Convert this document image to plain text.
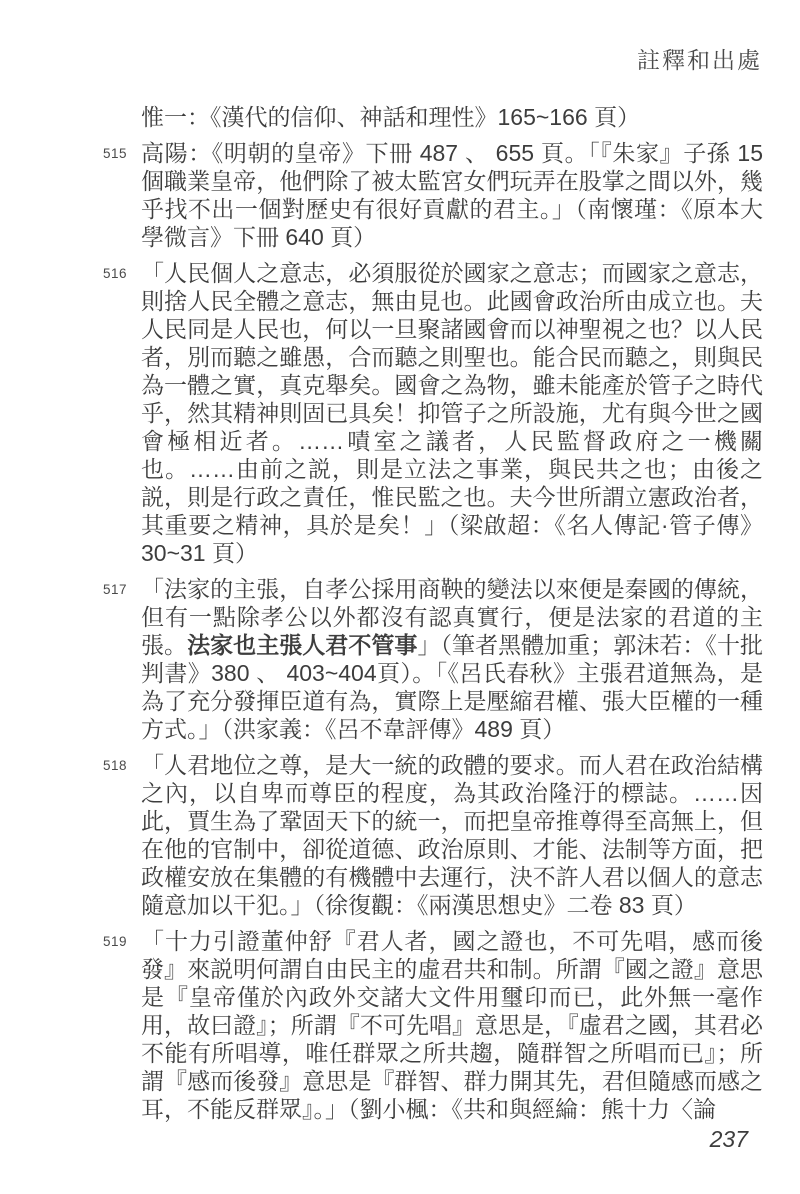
註釋和出處

惟一：《漢代的信仰、神話和理性》165~166 頁）

515 高陽：《明朝的皇帝》下冊 487 、 655 頁。「『朱家』子孫 15 個職業皇帝，他們除了被太監宮女們玩弄在股掌之間以外，幾乎找不出一個對歷史有很好貢獻的君主。」（南懷瑾：《原本大學微言》下冊 640 頁）
516 「人民個人之意志，必須服從於國家之意志；而國家之意志，則捨人民全體之意志，無由見也。此國會政治所由成立也。夫人民同是人民也，何以一旦聚諸國會而以神聖視之也？以人民者，別而聽之雖愚，合而聽之則聖也。能合民而聽之，則與民為一體之實，真克舉矣。國會之為物，雖未能產於管子之時代乎，然其精神則固已具矣！抑管子之所設施，尤有與今世之國會極相近者。……嘖室之議者，人民監督政府之一機關也。……由前之説，則是立法之事業，與民共之也；由後之説，則是行政之責任，惟民監之也。夫今世所謂立憲政治者，其重要之精神，具於是矣！」（梁啟超：《名人傳記·管子傳》30~31 頁）
517 「法家的主張，自孝公採用商鞅的變法以來便是秦國的傳統，但有一點除孝公以外都沒有認真實行，便是法家的君道的主張。法家也主張人君不管事」（筆者黑體加重；郭沫若：《十批判書》380 、 403~404頁）。「《呂氏春秋》主張君道無為，是為了充分發揮臣道有為，實際上是壓縮君權、張大臣權的一種方式。」（洪家義：《呂不韋評傳》489 頁）
518 「人君地位之尊，是大一統的政體的要求。而人君在政治結構之內，以自卑而尊臣的程度，為其政治隆汙的標誌。……因此，賈生為了鞏固天下的統一，而把皇帝推尊得至高無上，但在他的官制中，卻從道德、政治原則、才能、法制等方面，把政權安放在集體的有機體中去運行，決不許人君以個人的意志隨意加以干犯。」（徐復觀：《兩漢思想史》二卷 83 頁）
519 「十力引證董仲舒『君人者，國之證也，不可先唱，感而後發』來説明何謂自由民主的虛君共和制。所謂『國之證』意思是『皇帝僅於內政外交諸大文件用璽印而已，此外無一毫作用，故曰證』；所謂『不可先唱』意思是，『虛君之國，其君必不能有所唱導，唯任群眾之所共趨，隨群智之所唱而已』；所謂『感而後發』意思是『群智、群力開其先，君但隨感而感之耳，不能反群眾』。」（劉小楓：《共和與經綸：熊十力〈論
237
